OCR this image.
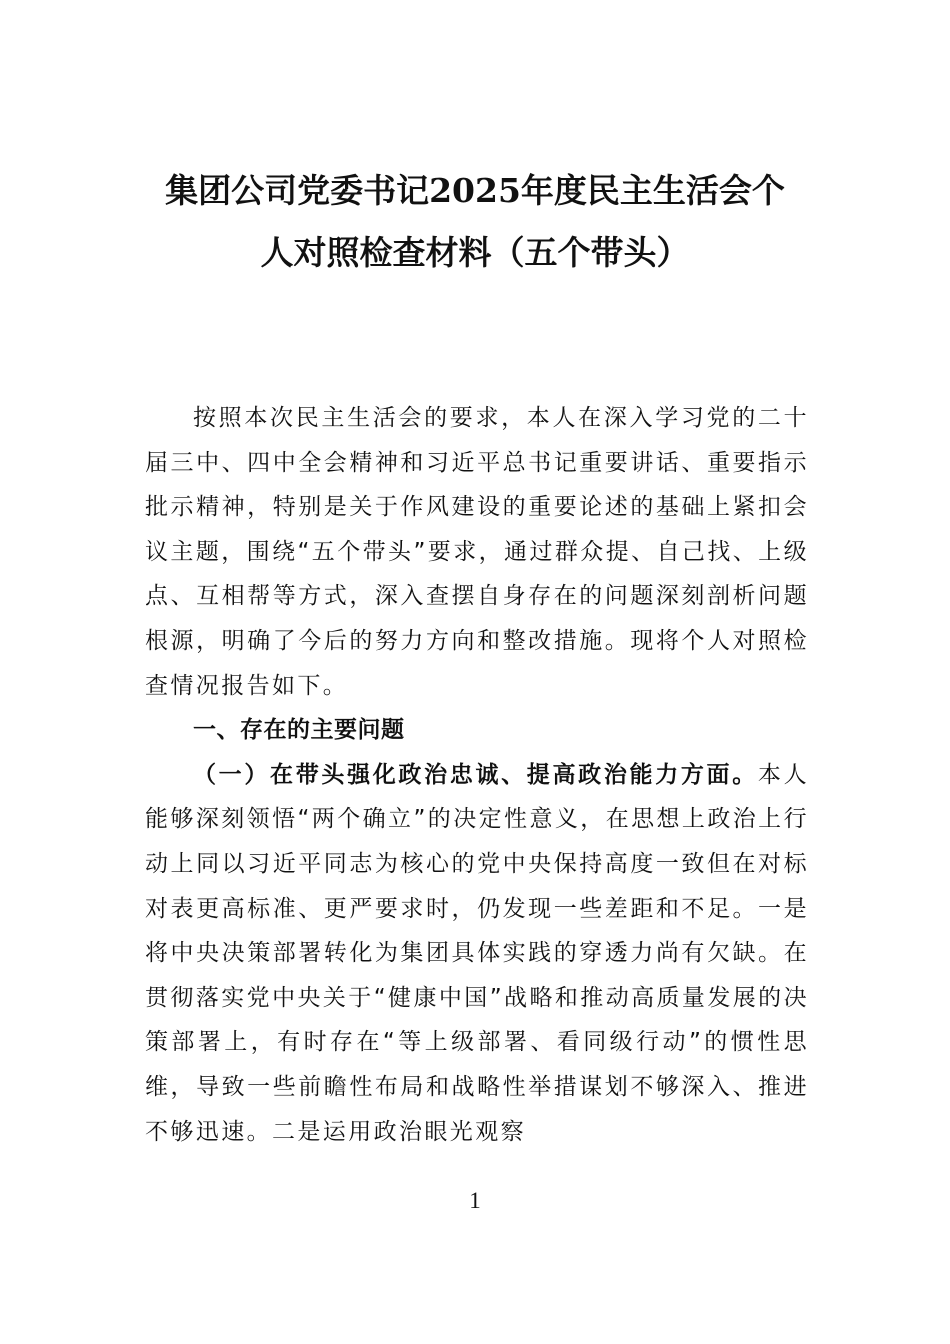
集团公司党委书记2025年度民主生活会个
人对照检查材料（五个带头）

按照本次民主生活会的要求，本人在深入学习党的二十届三中、四中全会精神和习近平总书记重要讲话、重要指示批示精神，特别是关于作风建设的重要论述的基础上紧扣会议主题，围绕“五个带头”要求，通过群众提、自己找、上级点、互相帮等方式，深入查摆自身存在的问题深刻剖析问题根源，明确了今后的努力方向和整改措施。现将个人对照检查情况报告如下。

一、存在的主要问题

（一）在带头强化政治忠诚、提高政治能力方面。本人能够深刻领悟“两个确立”的决定性意义，在思想上政治上行动上同以习近平同志为核心的党中央保持高度一致但在对标对表更高标准、更严要求时，仍发现一些差距和不足。一是将中央决策部署转化为集团具体实践的穿透力尚有欠缺。在贯彻落实党中央关于“健康中国”战略和推动高质量发展的决策部署上，有时存在“等上级部署、看同级行动”的惯性思维，导致一些前瞻性布局和战略性举措谋划不够深入、推进不够迅速。二是运用政治眼光观察

1
